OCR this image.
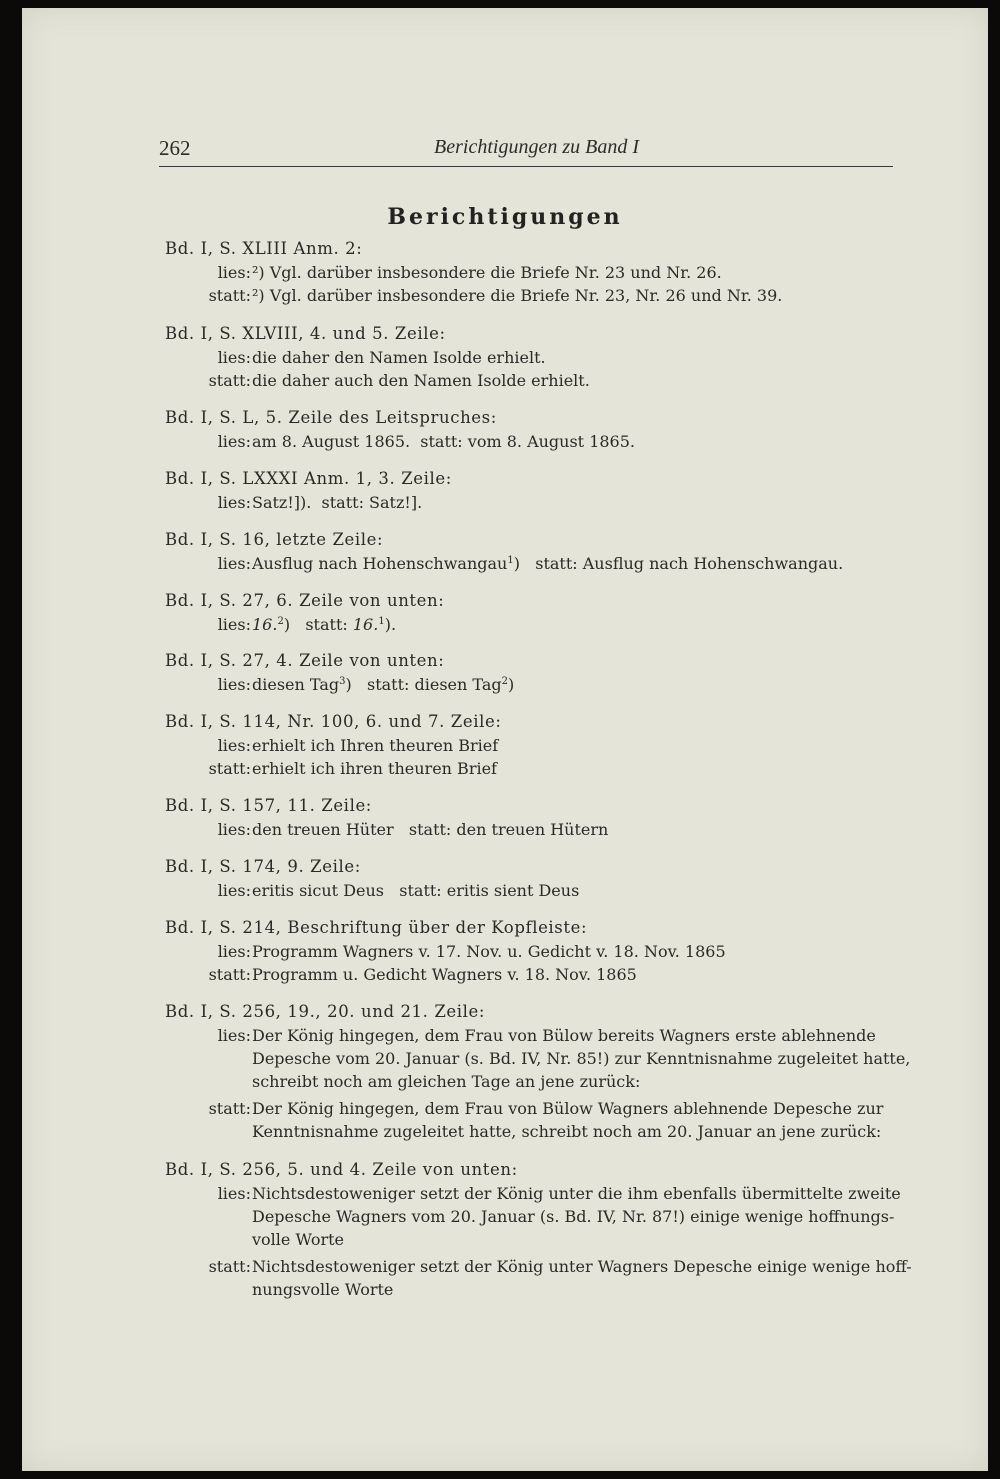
262	Berichtigungen zu Band I
Berichtigungen
Bd. I, S. XLIII Anm. 2:
lies: ²) Vgl. darüber insbesondere die Briefe Nr. 23 und Nr. 26.
statt: ²) Vgl. darüber insbesondere die Briefe Nr. 23, Nr. 26 und Nr. 39.
Bd. I, S. XLVIII, 4. und 5. Zeile:
lies: die daher den Namen Isolde erhielt.
statt: die daher auch den Namen Isolde erhielt.
Bd. I, S. L, 5. Zeile des Leitspruches:
lies: am 8. August 1865. statt: vom 8. August 1865.
Bd. I, S. LXXXI Anm. 1, 3. Zeile:
lies: Satz!]). statt: Satz!].
Bd. I, S. 16, letzte Zeile:
lies: Ausflug nach Hohenschwangau$^1$) statt: Ausflug nach Hohenschwangau.
Bd. I, S. 27, 6. Zeile von unten:
lies: 16.$^2$) statt: 16.$^1$).
Bd. I, S. 27, 4. Zeile von unten:
lies: diesen Tag$^3$) statt: diesen Tag$^2$)
Bd. I, S. 114, Nr. 100, 6. und 7. Zeile:
lies: erhielt ich Ihren theuren Brief
statt: erhielt ich ihren theuren Brief
Bd. I, S. 157, 11. Zeile:
lies: den treuen Hüter statt: den treuen Hütern
Bd. I, S. 174, 9. Zeile:
lies: eritis sicut Deus statt: eritis sient Deus
Bd. I, S. 214, Beschriftung über der Kopfleiste:
lies: Programm Wagners v. 17. Nov. u. Gedicht v. 18. Nov. 1865
statt: Programm u. Gedicht Wagners v. 18. Nov. 1865
Bd. I, S. 256, 19., 20. und 21. Zeile:
lies: Der König hingegen, dem Frau von Bülow bereits Wagners erste ablehnende Depesche vom 20. Januar (s. Bd. IV, Nr. 85!) zur Kenntnisnahme zugeleitet hatte, schreibt noch am gleichen Tage an jene zurück:
statt: Der König hingegen, dem Frau von Bülow Wagners ablehnende Depesche zur Kenntnisnahme zugeleitet hatte, schreibt noch am 20. Januar an jene zurück:
Bd. I, S. 256, 5. und 4. Zeile von unten:
lies: Nichtsdestoweniger setzt der König unter die ihm ebenfalls übermittelte zweite Depesche Wagners vom 20. Januar (s. Bd. IV, Nr. 87!) einige wenige hoffnungs-volle Worte
statt: Nichtsdestoweniger setzt der König unter Wagners Depesche einige wenige hoff-nungsvolle Worte
